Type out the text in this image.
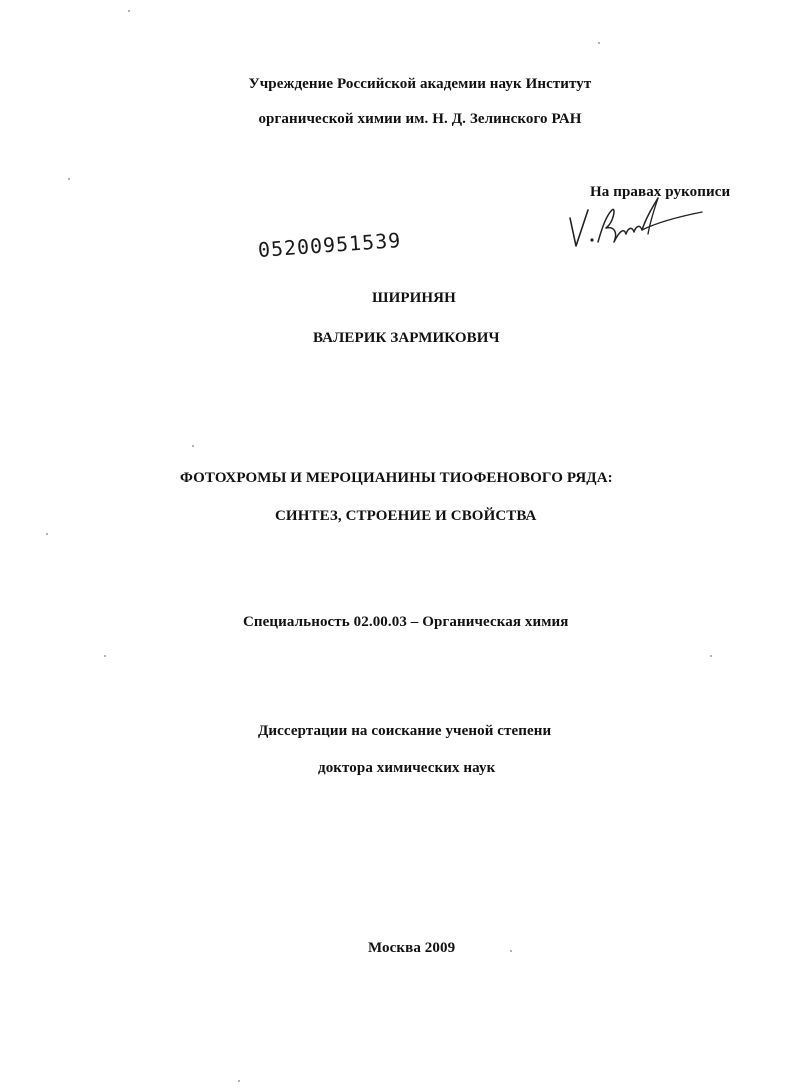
Учреждение Российской академии наук Институт
органической химии им. Н. Д. Зелинского РАН
На правах рукописи
05200951539
ШИРИНЯН
ВАЛЕРИК ЗАРМИКОВИЧ
ФОТОХРОМЫ И МЕРОЦИАНИНЫ ТИОФЕНОВОГО РЯДА:
СИНТЕЗ, СТРОЕНИЕ И СВОЙСТВА
Специальность 02.00.03 – Органическая химия
Диссертации на соискание ученой степени
доктора химических наук
Москва 2009
